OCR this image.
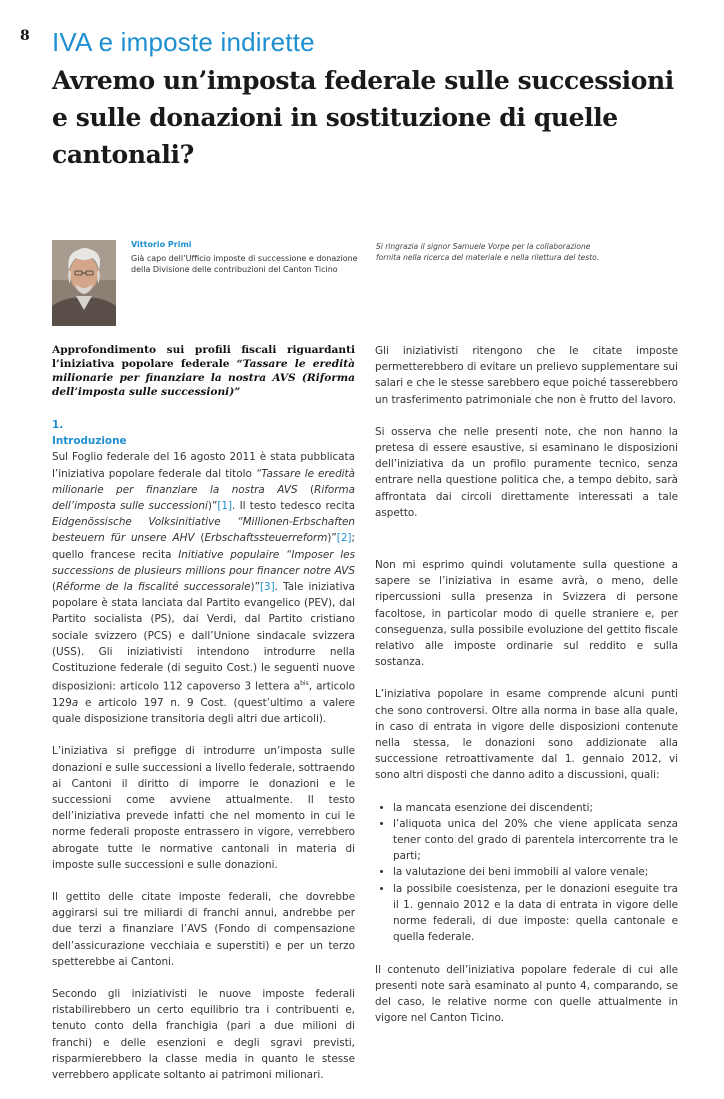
8 IVA e imposte indirette
Avremo un’imposta federale sulle successioni e sulle donazioni in sostituzione di quelle cantonali?
Vittorio Primi
Già capo dell’Ufficio imposte di successione e donazione della Divisione delle contribuzioni del Canton Ticino
Si ringrazia il signor Samuele Vorpe per la collaborazione fornita nella ricerca del materiale e nella rilettura del testo.

Approfondimento sui profili fiscali riguardanti l’iniziativa popolare federale “Tassare le eredità milionarie per finanziare la nostra AVS (Riforma dell’imposta sulle successioni)”

1.
Introduzione

Sul Foglio federale del 16 agosto 2011 è stata pubblicata l’iniziativa popolare federale dal titolo “Tassare le eredità milionarie per finanziare la nostra AVS (Riforma dell’imposta sulle successioni)”[1]. Il testo tedesco recita Eidgenössische Volksinitiative “Millionen-Erbschaften besteuern für unsere AHV (Erbschaftssteuerreform)”[2]; quello francese recita Initiative populaire “Imposer les successions de plusieurs millions pour financer notre AVS (Réforme de la fiscalité successorale)”[3]. Tale iniziativa popolare è stata lanciata dal Partito evangelico (PEV), dal Partito socialista (PS), dai Verdi, dal Partito cristiano sociale svizzero (PCS) e dall’Unione sindacale svizzera (USS). Gli iniziativisti intendono introdurre nella Costituzione federale (di seguito Cost.) le seguenti nuove disposizioni: articolo 112 capoverso 3 lettera $a^{bis}$, articolo 129a e articolo 197 n. 9 Cost. (quest’ultimo a valere quale disposizione transitoria degli altri due articoli).

L’iniziativa si prefigge di introdurre un’imposta sulle donazioni e sulle successioni a livello federale, sottraendo ai Cantoni il diritto di imporre le donazioni e le successioni come avviene attualmente. Il testo dell’iniziativa prevede infatti che nel momento in cui le norme federali proposte entrassero in vigore, verrebbero abrogate tutte le normative cantonali in materia di imposte sulle successioni e sulle donazioni.

Il gettito delle citate imposte federali, che dovrebbe aggirarsi sui tre miliardi di franchi annui, andrebbe per due terzi a finanziare l’AVS (Fondo di compensazione dell’assicurazione vecchiaia e superstiti) e per un terzo spetterebbe ai Cantoni.

Secondo gli iniziativisti le nuove imposte federali ristabilirebbero un certo equilibrio tra i contribuenti e, tenuto conto della franchigia (pari a due milioni di franchi) e delle esenzioni e degli sgravi previsti, risparmierebbero la classe media in quanto le stesse verrebbero applicate soltanto ai patrimoni milionari.

Gli iniziativisti ritengono che le citate imposte permetterebbero di evitare un prelievo supplementare sui salari e che le stesse sarebbero eque poiché tasserebbero un trasferimento patrimoniale che non è frutto del lavoro.

Si osserva che nelle presenti note, che non hanno la pretesa di essere esaustive, si esaminano le disposizioni dell’iniziativa da un profilo puramente tecnico, senza entrare nella questione politica che, a tempo debito, sarà affrontata dai circoli direttamente interessati a tale aspetto.

Non mi esprimo quindi volutamente sulla questione a sapere se l’iniziativa in esame avrà, o meno, delle ripercussioni sulla presenza in Svizzera di persone facoltose, in particolar modo di quelle straniere e, per conseguenza, sulla possibile evoluzione del gettito fiscale relativo alle imposte ordinarie sul reddito e sulla sostanza.

L’iniziativa popolare in esame comprende alcuni punti che sono controversi. Oltre alla norma in base alla quale, in caso di entrata in vigore delle disposizioni contenute nella stessa, le donazioni sono addizionate alla successione retroattivamente dal 1. gennaio 2012, vi sono altri disposti che danno adito a discussioni, quali:

• la mancata esenzione dei discendenti;
• l’aliquota unica del 20% che viene applicata senza tener conto del grado di parentela intercorrente tra le parti;
• la valutazione dei beni immobili al valore venale;
• la possibile coesistenza, per le donazioni eseguite tra il 1. gennaio 2012 e la data di entrata in vigore delle norme federali, di due imposte: quella cantonale e quella federale.

Il contenuto dell’iniziativa popolare federale di cui alle presenti note sarà esaminato al punto 4, comparando, se del caso, le relative norme con quelle attualmente in vigore nel Canton Ticino.
